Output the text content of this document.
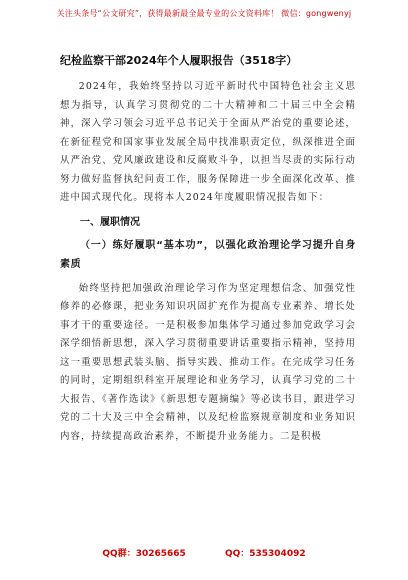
关注头条号“公文研究”，获得最新最全最专业的公文资料库！ 微信：gongwenyj
纪检监察干部2024年个人履职报告（3518字）
2024年，我始终坚持以习近平新时代中国特色社会主义思想为指导，认真学习贯彻党的二十大精神和二十届三中全会精神，深入学习领会习近平总书记关于全面从严治党的重要论述，在新征程党和国家事业发展全局中找准职责定位，纵深推进全面从严治党、党风廉政建设和反腐败斗争，以担当尽责的实际行动努力做好监督执纪问责工作，服务保障进一步全面深化改革、推进中国式现代化。现将本人2024年度履职情况报告如下：
一、履职情况
（一）练好履职“基本功”，以强化政治理论学习提升自身素质
始终坚持把加强政治理论学习作为坚定理想信念、加强党性修养的必修课，把业务知识巩固扩充作为提高专业素养、增长处事才干的重要途径。一是积极参加集体学习通过参加党政学习会深学细悟新思想，深入学习贯彻重要讲话重要指示精神，坚持用这一重要思想武装头脑、指导实践、推动工作。在完成学习任务的同时，定期组织科室开展理论和业务学习，认真学习党的二十大报告、《著作选读》《新思想专题摘编》等必读书目，跟进学习党的二十大及三中全会精神，以及纪检监察规章制度和业务知识内容，持续提高政治素养，不断提升业务能力。二是积极
QQ群：30265665	QQ：535304092
